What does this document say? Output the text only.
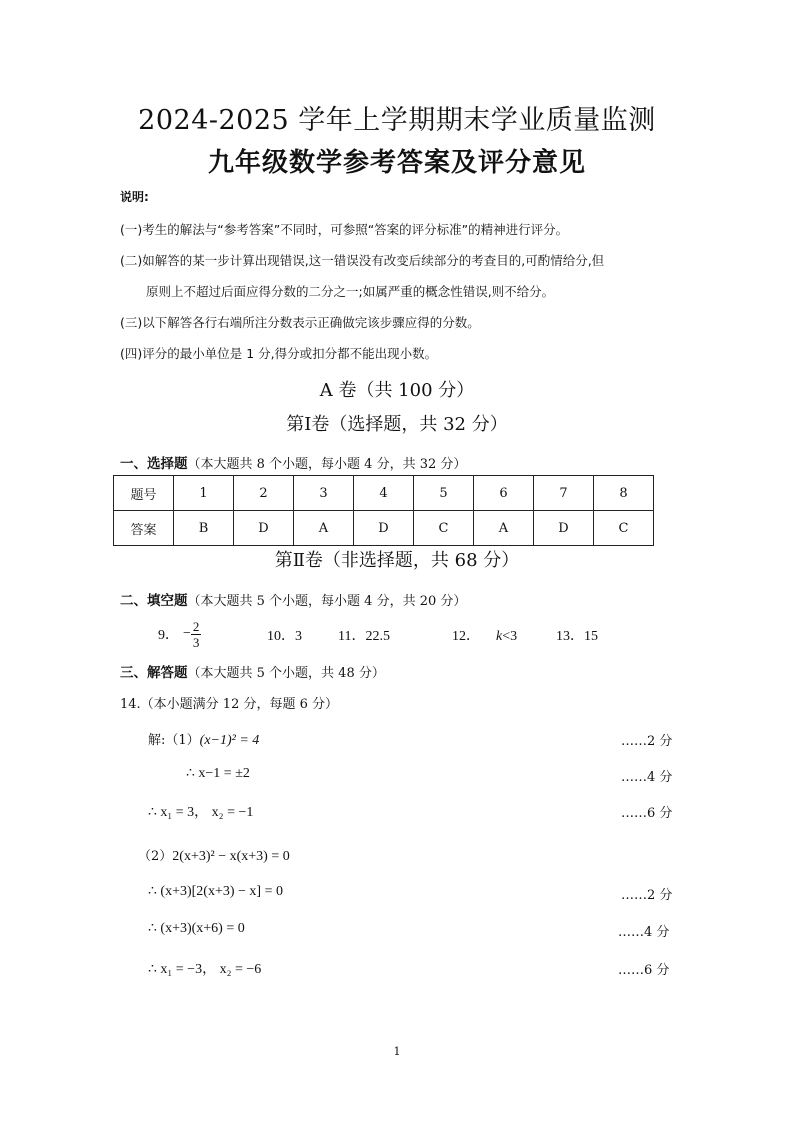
2024-2025 学年上学期期末学业质量监测
九年级数学参考答案及评分意见
说明:
(一)考生的解法与“参考答案”不同时，可参照“答案的评分标准”的精神进行评分。
(二)如解答的某一步计算出现错误,这一错误没有改变后续部分的考查目的,可酌情给分,但
原则上不超过后面应得分数的二分之一;如属严重的概念性错误,则不给分。
(三)以下解答各行右端所注分数表示正确做完该步骤应得的分数。
(四)评分的最小单位是 1 分,得分或扣分都不能出现小数。
A 卷（共 100 分）
第Ⅰ卷（选择题，共 32 分）
一、选择题（本大题共 8 个小题，每小题 4 分，共 32 分）
题号	1	2	3	4	5	6	7	8
答案	B	D	A	D	C	A	D	C
第Ⅱ卷（非选择题，共 68 分）
二、填空题（本大题共 5 个小题，每小题 4 分，共 20 分）
9． − $\frac{2}{3}$	10．3	11．22.5	12． k<3	13．15
三、解答题（本大题共 5 个小题，共 48 分）
14.（本小题满分 12 分，每题 6 分）
解:（1）(x−1)² = 4	……2 分
∴ x−1 = ±2	……4 分
∴ x₁ = 3， x₂ = −1	……6 分
（2）2(x+3)² − x(x+3) = 0
∴ (x+3)[2(x+3) − x] = 0	……2 分
∴ (x+3)(x+6) = 0	……4 分
∴ x₁ = −3， x₂ = −6	……6 分
1
